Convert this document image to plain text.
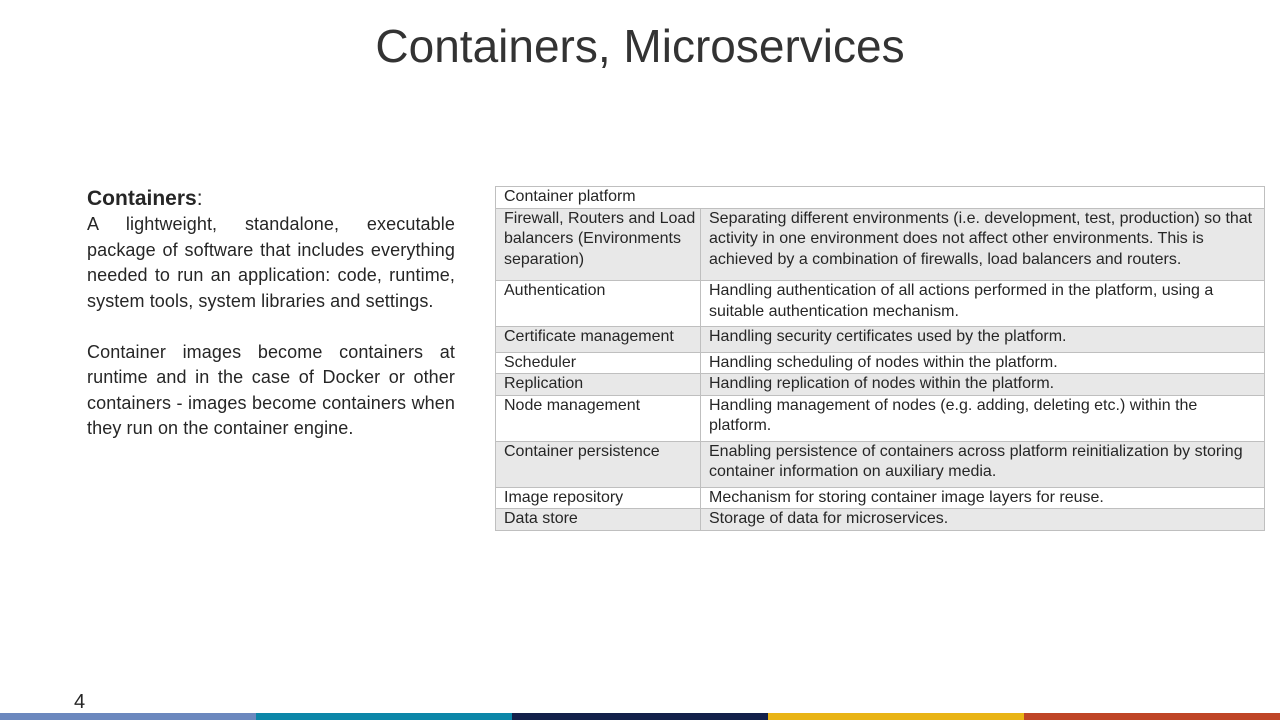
Containers, Microservices
Containers:

A lightweight, standalone, executable package of software that includes everything needed to run an application: code, runtime, system tools, system libraries and settings.

Container images become containers at runtime and in the case of Docker or other containers - images become containers when they run on the container engine.

Container platform	
Firewall, Routers and Load balancers (Environments separation)	Separating different environments (i.e. development, test, production) so that activity in one environment does not affect other environments. This is achieved by a combination of firewalls, load balancers and routers.
Authentication	Handling authentication of all actions performed in the platform, using a suitable authentication mechanism.
Certificate management	Handling security certificates used by the platform.
Scheduler	Handling scheduling of nodes within the platform.
Replication	Handling replication of nodes within the platform.
Node management	Handling management of nodes (e.g. adding, deleting etc.) within the platform.
Container persistence	Enabling persistence of containers across platform reinitialization by storing container information on auxiliary media.
Image repository	Mechanism for storing container image layers for reuse.
Data store	Storage of data for microservices.
4
